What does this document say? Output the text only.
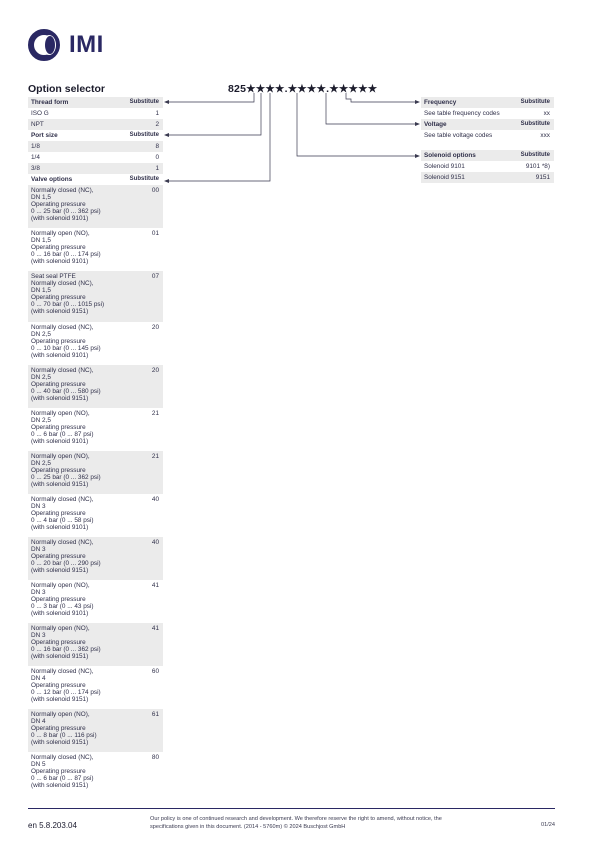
IMI
Option selector	825★★★★.★★★★.★★★★★
Thread form	Substitute
ISO G	1
NPT	2
Port size	Substitute
1/8	8
1/4	0
3/8	1
Valve options	Substitute
Normally closed (NC),
DN 1,5
Operating pressure
0 ... 25 bar (0 ... 362 psi)
(with solenoid 9101)
00
Normally open (NO),
DN 1,5
Operating pressure
0 ... 16 bar (0 ... 174 psi)
(with solenoid 9101)
01
Seat seal PTFE
Normally closed (NC),
DN 1,5
Operating pressure
0 ... 70 bar (0 ... 1015 psi)
(with solenoid 9151)
07
Normally closed (NC),
DN 2,5
Operating pressure
0 ... 10 bar (0 ... 145 psi)
(with solenoid 9101)
20
Normally closed (NC),
DN 2,5
Operating pressure
0 ... 40 bar (0 ... 580 psi)
(with solenoid 9151)
20
Normally open (NO),
DN 2,5
Operating pressure
0 ... 6 bar (0 ... 87 psi)
(with solenoid 9101)
21
Normally open (NO),
DN 2,5
Operating pressure
0 ... 25 bar (0 ... 362 psi)
(with solenoid 9151)
21
Normally closed (NC),
DN 3
Operating pressure
0 ... 4 bar (0 ... 58 psi)
(with solenoid 9101)
40
Normally closed (NC),
DN 3
Operating pressure
0 ... 20 bar (0 ... 290 psi)
(with solenoid 9151)
40
Normally open (NO),
DN 3
Operating pressure
0 ... 3 bar (0 ... 43 psi)
(with solenoid 9101)
41
Normally open (NO),
DN 3
Operating pressure
0 ... 16 bar (0 ... 362 psi)
(with solenoid 9151)
41
Normally closed (NC),
DN 4
Operating pressure
0 ... 12 bar (0 ... 174 psi)
(with solenoid 9151)
60
Normally open (NO),
DN 4
Operating pressure
0 ... 8 bar (0 ... 116 psi)
(with solenoid 9151)
61
Normally closed (NC),
DN 5
Operating pressure
0 ... 6 bar (0 ... 87 psi)
(with solenoid 9151)
80
Frequency	Substitute
See table frequency codes	xx
Voltage	Substitute
See table voltage codes	xxx
Solenoid options	Substitute
Solenoid 9101	9101 *8)
Solenoid 9151	9151
en 5.8.203.04
Our policy is one of continued research and development. We therefore reserve the right to amend, without notice, the specifications given in this document. (2014 - 5760m) © 2024 Buschjost GmbH	01/24
